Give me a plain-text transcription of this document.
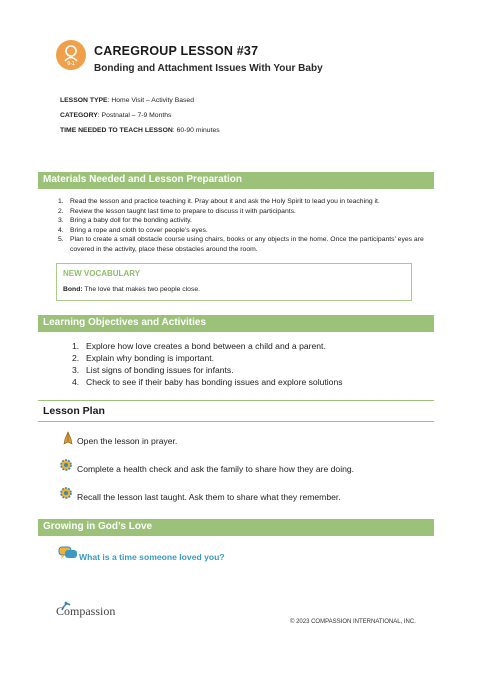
0-1
CAREGROUP LESSON #37
Bonding and Attachment Issues With Your Baby
LESSON TYPE: Home Visit – Activity Based
CATEGORY: Postnatal – 7-9 Months
TIME NEEDED TO TEACH LESSON: 60-90 minutes
Materials Needed and Lesson Preparation
1. Read the lesson and practice teaching it. Pray about it and ask the Holy Spirit to lead you in teaching it.
2. Review the lesson taught last time to prepare to discuss it with participants.
3. Bring a baby doll for the bonding activity.
4. Bring a rope and cloth to cover people’s eyes.
5. Plan to create a small obstacle course using chairs, books or any objects in the home. Once the participants’ eyes are covered in the activity, place these obstacles around the room.
NEW VOCABULARY
Bond: The love that makes two people close.
Learning Objectives and Activities
1. Explore how love creates a bond between a child and a parent.
2. Explain why bonding is important.
3. List signs of bonding issues for infants.
4. Check to see if their baby has bonding issues and explore solutions
Lesson Plan
Open the lesson in prayer.
Complete a health check and ask the family to share how they are doing.
Recall the lesson last taught. Ask them to share what they remember.
Growing in God’s Love
What is a time someone loved you?
Compassion
© 2023 COMPASSION INTERNATIONAL, INC.
